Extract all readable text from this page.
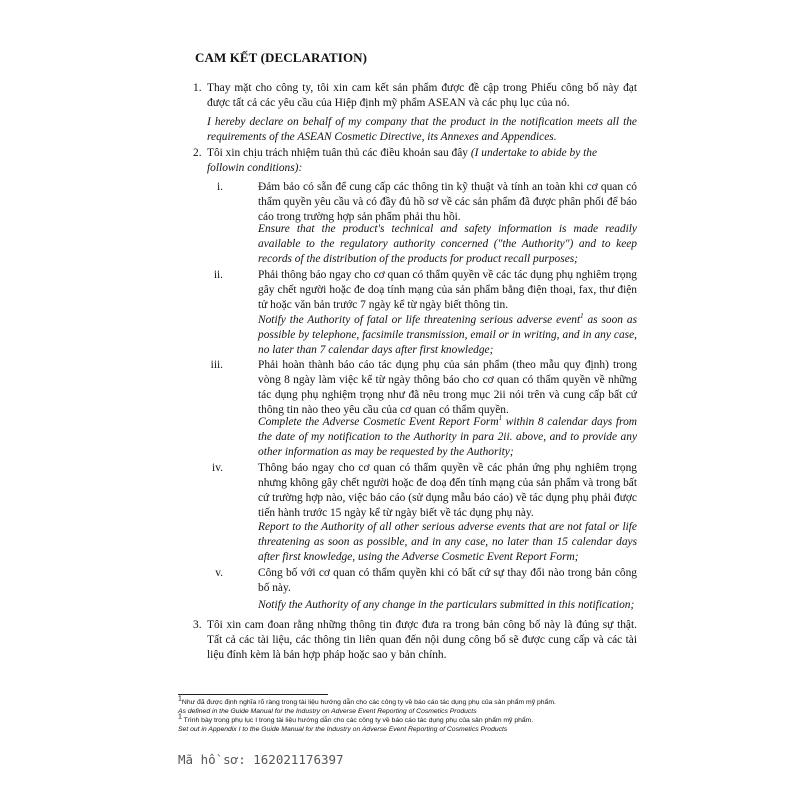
CAM KẾT (DECLARATION)
1. Thay mặt cho công ty, tôi xin cam kết sản phẩm được đề cập trong Phiếu công bố này đạt được tất cả các yêu cầu của Hiệp định mỹ phẩm ASEAN và các phụ lục của nó.

I hereby declare on behalf of my company that the product in the notification meets all the requirements of the ASEAN Cosmetic Directive, its Annexes and Appendices.

2. Tôi xin chịu trách nhiệm tuân thủ các điều khoản sau đây (I undertake to abide by the followin conditions):

i.	Đảm bảo có sẵn để cung cấp các thông tin kỹ thuật và tính an toàn khi cơ quan có thẩm quyền yêu cầu và có đầy đủ hồ sơ về các sản phẩm đã được phân phối để báo cáo trong trường hợp sản phẩm phải thu hồi.

Ensure that the product's technical and safety information is made readily available to the regulatory authority concerned ("the Authority") and to keep records of the distribution of the products for product recall purposes;

ii.	Phải thông báo ngay cho cơ quan có thẩm quyền về các tác dụng phụ nghiêm trọng gây chết người hoặc đe doạ tính mạng của sản phẩm bằng điện thoại, fax, thư điện tử hoặc văn bản trước 7 ngày kể từ ngày biết thông tin.

Notify the Authority of fatal or life threatening serious adverse event$^1$ as soon as possible by telephone, facsimile transmission, email or in writing, and in any case, no later than 7 calendar days after first knowledge;

iii.	Phải hoàn thành báo cáo tác dụng phụ của sản phẩm (theo mẫu quy định) trong vòng 8 ngày làm việc kể từ ngày thông báo cho cơ quan có thẩm quyền về những tác dụng phụ nghiệm trọng như đã nêu trong mục 2ii nói trên và cung cấp bất cứ thông tin nào theo yêu cầu của cơ quan có thẩm quyền.

Complete the Adverse Cosmetic Event Report Form$^1$ within 8 calendar days from the date of my notification to the Authority in para 2ii. above, and to provide any other information as may be requested by the Authority;

iv.	Thông báo ngay cho cơ quan có thẩm quyền về các phản ứng phụ nghiêm trọng nhưng không gây chết người hoặc đe doạ đến tính mạng của sản phẩm và trong bất cứ trường hợp nào, việc báo cáo (sử dụng mẫu báo cáo) về tác dụng phụ phải được tiến hành trước 15 ngày kể từ ngày biết về tác dụng phụ này.

Report to the Authority of all other serious adverse events that are not fatal or life threatening as soon as possible, and in any case, no later than 15 calendar days after first knowledge, using the Adverse Cosmetic Event Report Form;

v.	Công bố với cơ quan có thẩm quyền khi có bất cứ sự thay đổi nào trong bản công bố này.

Notify the Authority of any change in the particulars submitted in this notification;

3. Tôi xin cam đoan rằng những thông tin được đưa ra trong bản công bố này là đúng sự thật. Tất cả các tài liệu, các thông tin liên quan đến nội dung công bố sẽ được cung cấp và các tài liệu đính kèm là bản hợp pháp hoặc sao y bản chính.

$^1$Như đã được định nghĩa rõ ràng trong tài liệu hướng dẫn cho các công ty về báo cáo tác dụng phụ của sản phẩm mỹ phẩm.
As defined in the Guide Manual for the Industry on Adverse Event Reporting of Cosmetics Products
$^1$ Trình bày trong phụ lục I trong tài liệu hướng dẫn cho các công ty về báo cáo tác dụng phụ của sản phẩm mỹ phẩm.
Set out in Appendix I to the Guide Manual for the Industry on Adverse Event Reporting of Cosmetics Products
Mã hồ sơ: 162021176397
